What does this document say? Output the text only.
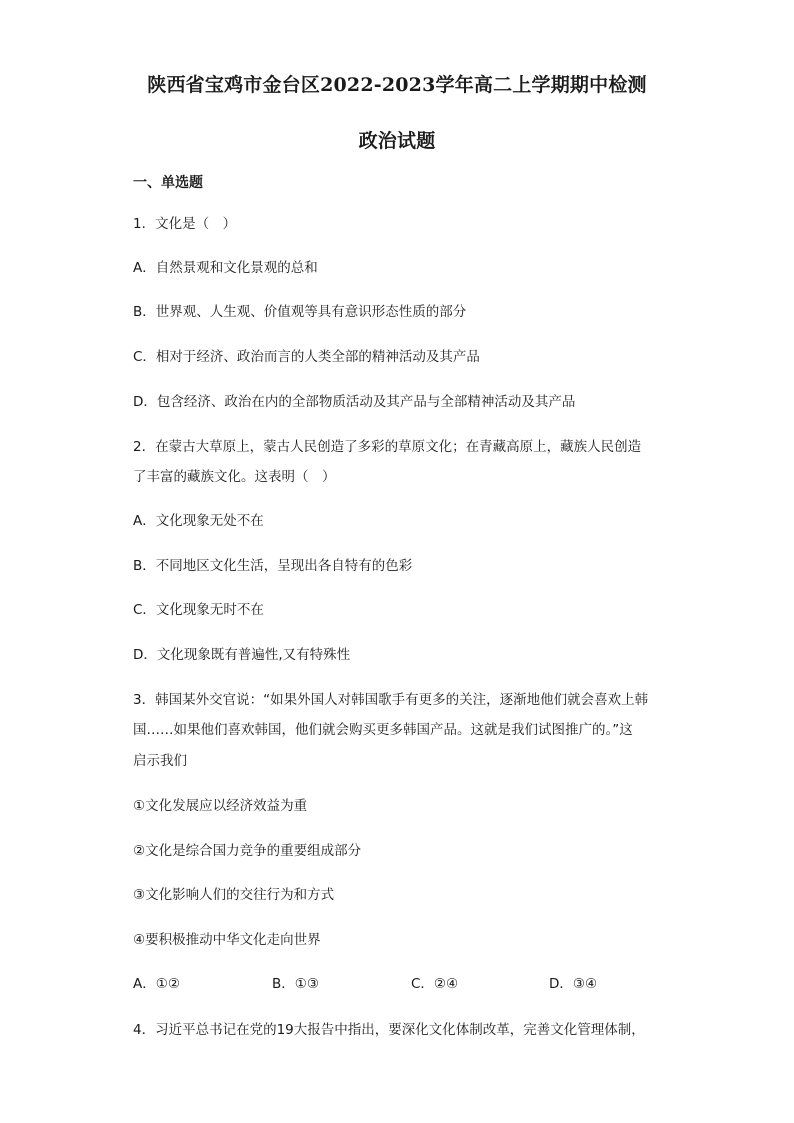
陕西省宝鸡市金台区2022-2023学年高二上学期期中检测
政治试题
一、单选题
1．文化是（　）
A．自然景观和文化景观的总和
B．世界观、人生观、价值观等具有意识形态性质的部分
C．相对于经济、政治而言的人类全部的精神活动及其产品
D．包含经济、政治在内的全部物质活动及其产品与全部精神活动及其产品
2．在蒙古大草原上，蒙古人民创造了多彩的草原文化；在青藏高原上，藏族人民创造
了丰富的藏族文化。这表明（　）
A．文化现象无处不在
B．不同地区文化生活，呈现出各自特有的色彩
C．文化现象无时不在
D．文化现象既有普遍性,又有特殊性
3．韩国某外交官说：“如果外国人对韩国歌手有更多的关注，逐渐地他们就会喜欢上韩
国……如果他们喜欢韩国，他们就会购买更多韩国产品。这就是我们试图推广的。”这
启示我们
①文化发展应以经济效益为重
②文化是综合国力竞争的重要组成部分
③文化影响人们的交往行为和方式
④要积极推动中华文化走向世界
A．①②	B．①③	C．②④	D．③④
4．习近平总书记在党的19大报告中指出，要深化文化体制改革，完善文化管理体制，
